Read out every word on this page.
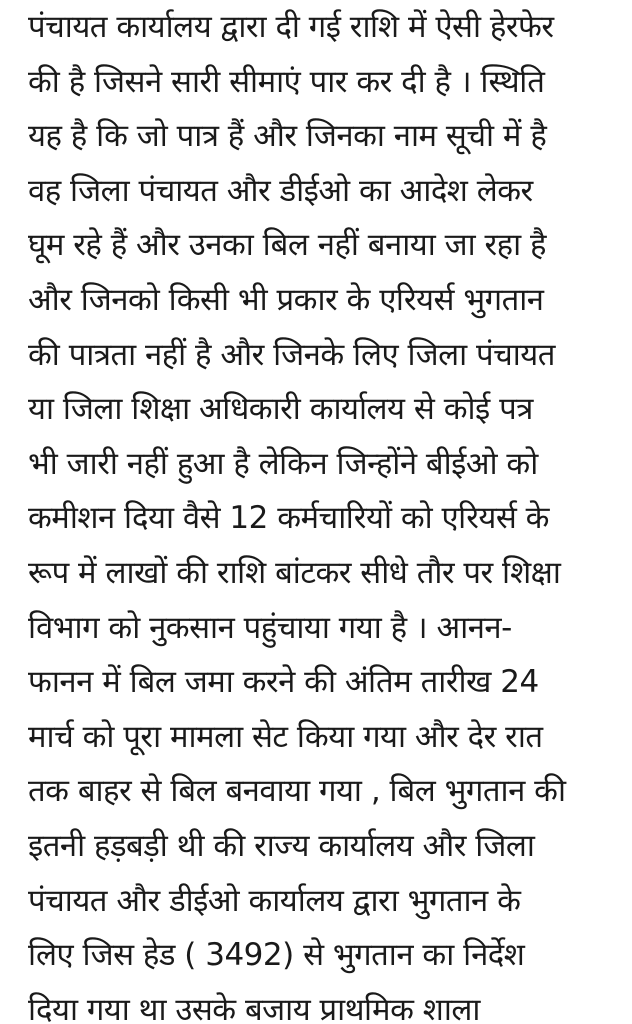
पंचायत कार्यालय द्वारा दी गई राशि में ऐसी हेरफेर
की है जिसने सारी सीमाएं पार कर दी है । स्थिति
यह है कि जो पात्र हैं और जिनका नाम सूची में है
वह जिला पंचायत और डीईओ का आदेश लेकर
घूम रहे हैं और उनका बिल नहीं बनाया जा रहा है
और जिनको किसी भी प्रकार के एरियर्स भुगतान
की पात्रता नहीं है और जिनके लिए जिला पंचायत
या जिला शिक्षा अधिकारी कार्यालय से कोई पत्र
भी जारी नहीं हुआ है लेकिन जिन्होंने बीईओ को
कमीशन दिया वैसे 12 कर्मचारियों को एरियर्स के
रूप में लाखों की राशि बांटकर सीधे तौर पर शिक्षा
विभाग को नुकसान पहुंचाया गया है । आनन-
फानन में बिल जमा करने की अंतिम तारीख 24
मार्च को पूरा मामला सेट किया गया और देर रात
तक बाहर से बिल बनवाया गया , बिल भुगतान की
इतनी हड़बड़ी थी की राज्य कार्यालय और जिला
पंचायत और डीईओ कार्यालय द्वारा भुगतान के
लिए जिस हेड ( 3492) से भुगतान का निर्देश
दिया गया था उसके बजाय प्राथमिक शाला
